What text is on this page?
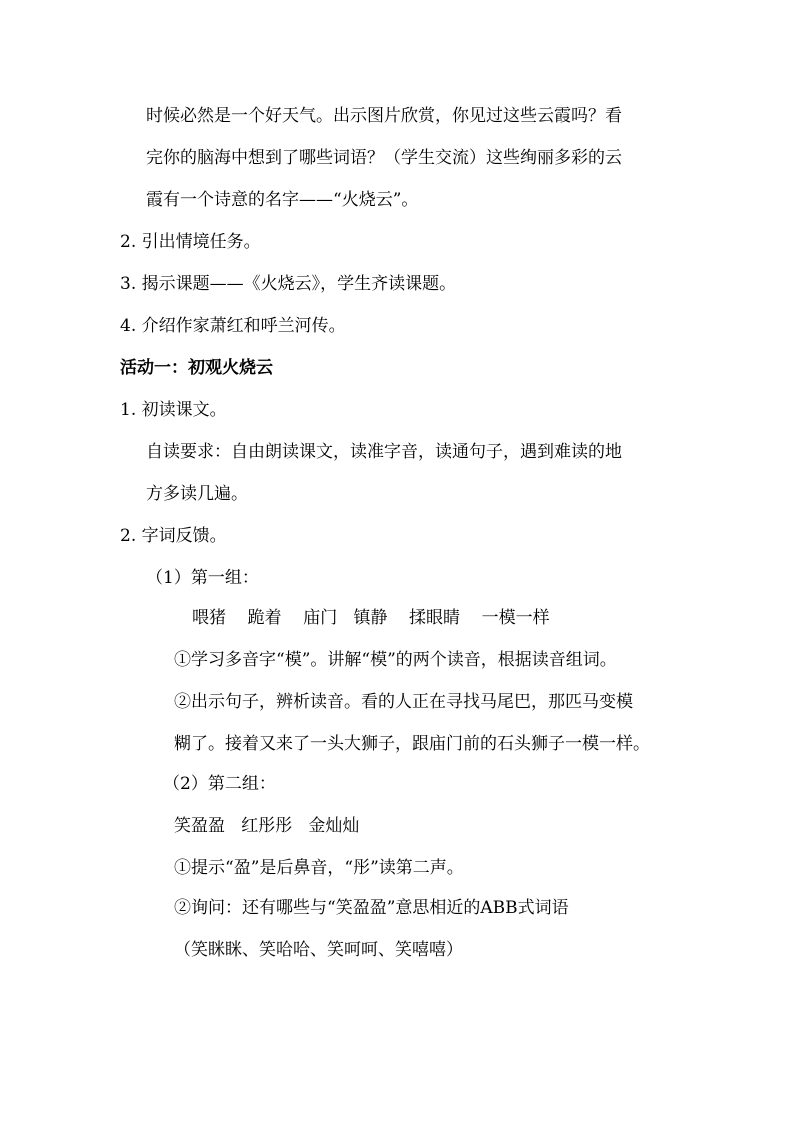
时候必然是一个好天气。出示图片欣赏，你见过这些云霞吗？看
完你的脑海中想到了哪些词语？（学生交流）这些绚丽多彩的云
霞有一个诗意的名字——“火烧云”。
2. 引出情境任务。
3. 揭示课题——《火烧云》，学生齐读课题。
4. 介绍作家萧红和呼兰河传。
活动一：初观火烧云
1. 初读课文。
自读要求：自由朗读课文，读准字音，读通句子，遇到难读的地
方多读几遍。
2. 字词反馈。
（1）第一组：
喂猪    跪着    庙门   镇静    揉眼睛    一模一样
①学习多音字“模”。讲解“模”的两个读音，根据读音组词。
②出示句子，辨析读音。看的人正在寻找马尾巴，那匹马变模
糊了。接着又来了一头大狮子，跟庙门前的石头狮子一模一样。
（2）第二组：
笑盈盈   红彤彤   金灿灿
①提示“盈”是后鼻音，“彤”读第二声。
②询问：还有哪些与“笑盈盈”意思相近的ABB式词语
（笑眯眯、笑哈哈、笑呵呵、笑嘻嘻）
